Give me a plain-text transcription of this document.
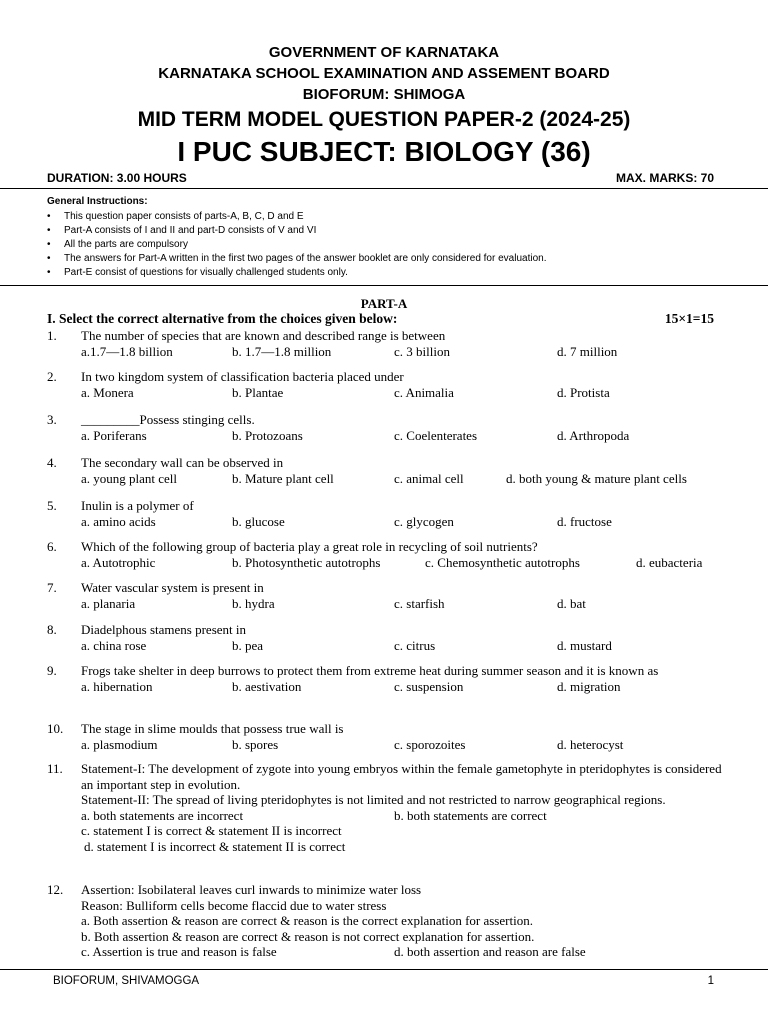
GOVERNMENT OF KARNATAKA
KARNATAKA SCHOOL EXAMINATION AND ASSEMENT BOARD
BIOFORUM: SHIMOGA
MID TERM MODEL QUESTION PAPER-2 (2024-25)
I PUC SUBJECT: BIOLOGY (36)
DURATION: 3.00 HOURS	MAX. MARKS: 70
General Instructions:
• This question paper consists of parts-A, B, C, D and E
• Part-A consists of I and II and part-D consists of V and VI
• All the parts are compulsory
• The answers for Part-A written in the first two pages of the answer booklet are only considered for evaluation.
• Part-E consist of questions for visually challenged students only.
PART-A
I. Select the correct alternative from the choices given below:	15×1=15
1. The number of species that are known and described range is between
a.1.7—1.8 billion	b. 1.7—1.8 million	c. 3 billion	d. 7 million
2. In two kingdom system of classification bacteria placed under
a. Monera	b. Plantae	c. Animalia	d. Protista
3. _________Possess stinging cells.
a. Poriferans	b. Protozoans	c. Coelenterates	d. Arthropoda
4. The secondary wall can be observed in
a. young plant cell	b. Mature plant cell	c. animal cell	d. both young & mature plant cells
5. Inulin is a polymer of
a. amino acids	b. glucose	c. glycogen	d. fructose
6. Which of the following group of bacteria play a great role in recycling of soil nutrients?
a. Autotrophic	b. Photosynthetic autotrophs	c. Chemosynthetic autotrophs	d. eubacteria
7. Water vascular system is present in
a. planaria	b. hydra	c. starfish	d. bat
8. Diadelphous stamens present in
a. china rose	b. pea	c. citrus	d. mustard
9. Frogs take shelter in deep burrows to protect them from extreme heat during summer season and it is known as
a. hibernation	b. aestivation	c. suspension	d. migration
10. The stage in slime moulds that possess true wall is
a. plasmodium	b. spores	c. sporozoites	d. heterocyst
11. Statement-I: The development of zygote into young embryos within the female gametophyte in pteridophytes is considered an important step in evolution.
Statement-II: The spread of living pteridophytes is not limited and not restricted to narrow geographical regions.
a. both statements are incorrect	b. both statements are correct
c. statement I is correct & statement II is incorrect
d. statement I is incorrect & statement II is correct
12. Assertion: Isobilateral leaves curl inwards to minimize water loss
Reason: Bulliform cells become flaccid due to water stress
a. Both assertion & reason are correct & reason is the correct explanation for assertion.
b. Both assertion & reason are correct & reason is not correct explanation for assertion.
c. Assertion is true and reason is false	d. both assertion and reason are false
BIOFORUM, SHIVAMOGGA	1
